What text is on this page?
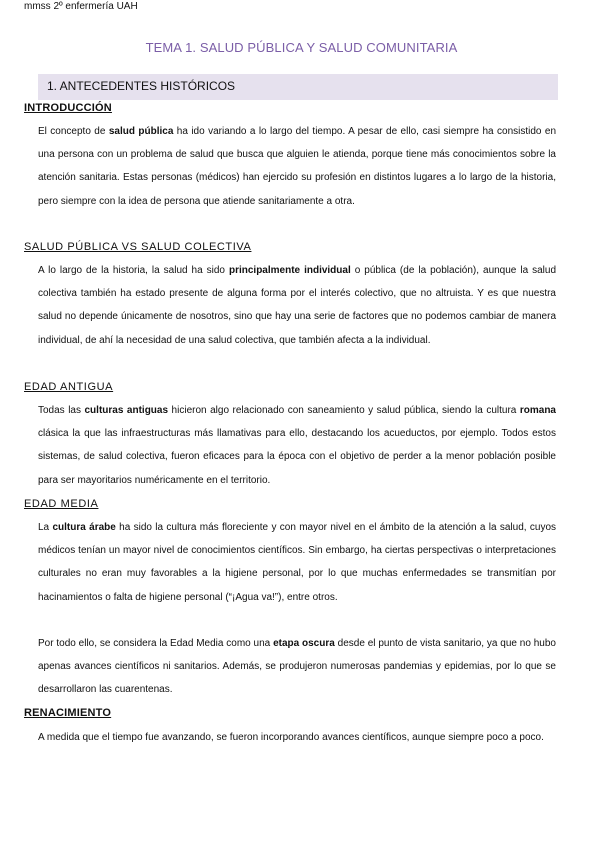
mmss 2º enfermería UAH
TEMA 1. SALUD PÚBLICA Y SALUD COMUNITARIA
1. ANTECEDENTES HISTÓRICOS
INTRODUCCIÓN
El concepto de salud pública ha ido variando a lo largo del tiempo. A pesar de ello, casi siempre ha consistido en una persona con un problema de salud que busca que alguien le atienda, porque tiene más conocimientos sobre la atención sanitaria. Estas personas (médicos) han ejercido su profesión en distintos lugares a lo largo de la historia, pero siempre con la idea de persona que atiende sanitariamente a otra.
SALUD PÚBLICA VS SALUD COLECTIVA
A lo largo de la historia, la salud ha sido principalmente individual o pública (de la población), aunque la salud colectiva también ha estado presente de alguna forma por el interés colectivo, que no altruista. Y es que nuestra salud no depende únicamente de nosotros, sino que hay una serie de factores que no podemos cambiar de manera individual, de ahí la necesidad de una salud colectiva, que también afecta a la individual.
EDAD ANTIGUA
Todas las culturas antiguas hicieron algo relacionado con saneamiento y salud pública, siendo la cultura romana clásica la que las infraestructuras más llamativas para ello, destacando los acueductos, por ejemplo. Todos estos sistemas, de salud colectiva, fueron eficaces para la época con el objetivo de perder a la menor población posible para ser mayoritarios numéricamente en el territorio.
EDAD MEDIA
La cultura árabe ha sido la cultura más floreciente y con mayor nivel en el ámbito de la atención a la salud, cuyos médicos tenían un mayor nivel de conocimientos científicos. Sin embargo, ha ciertas perspectivas o interpretaciones culturales no eran muy favorables a la higiene personal, por lo que muchas enfermedades se transmitían por hacinamientos o falta de higiene personal (“¡Agua va!”), entre otros.
Por todo ello, se considera la Edad Media como una etapa oscura desde el punto de vista sanitario, ya que no hubo apenas avances científicos ni sanitarios. Además, se produjeron numerosas pandemias y epidemias, por lo que se desarrollaron las cuarentenas.
RENACIMIENTO
A medida que el tiempo fue avanzando, se fueron incorporando avances científicos, aunque siempre poco a poco.
